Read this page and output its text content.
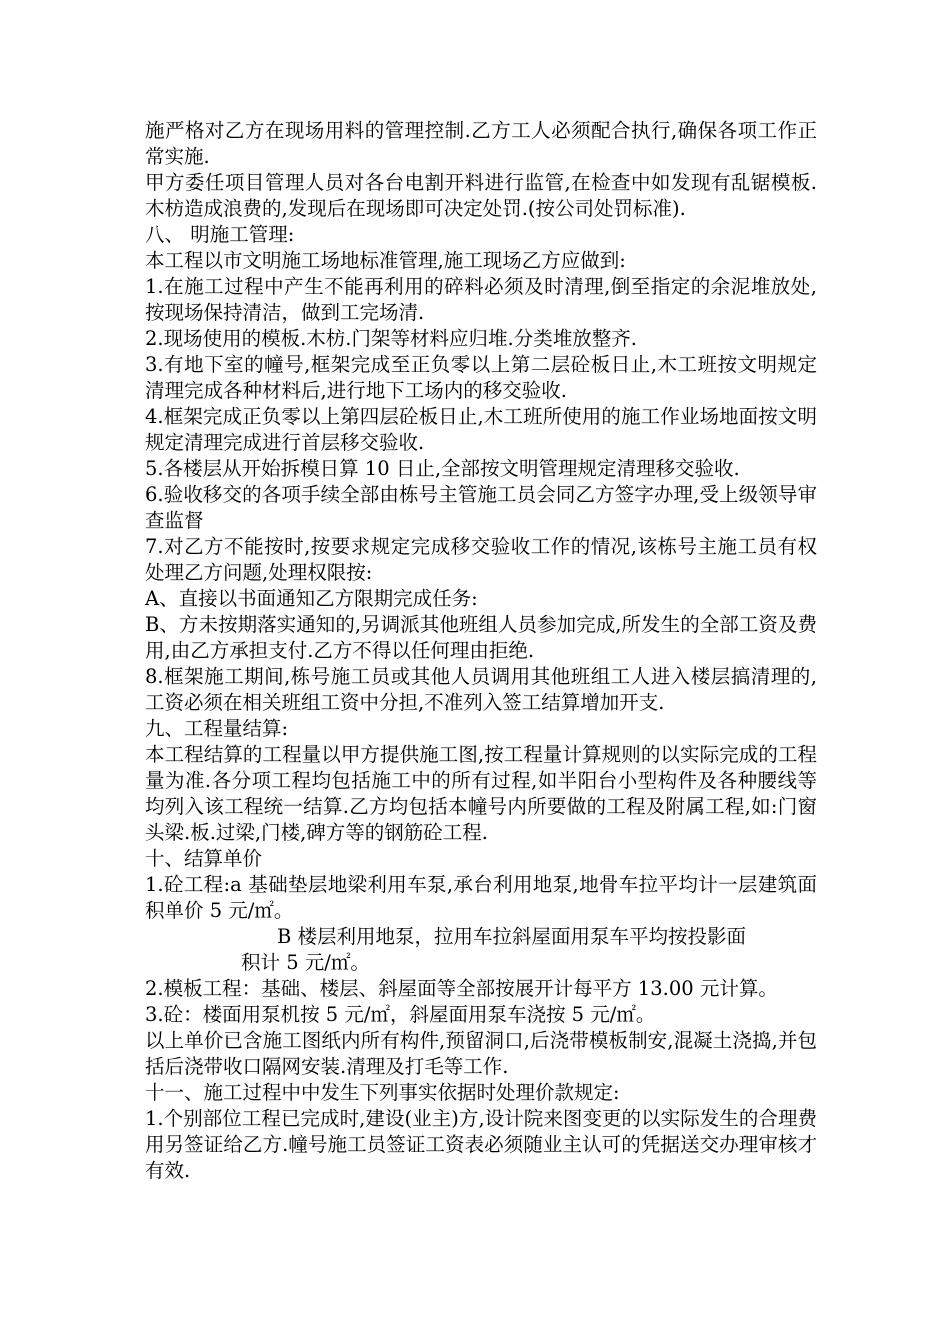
施严格对乙方在现场用料的管理控制.乙方工人必须配合执行,确保各项工作正常实施.

甲方委任项目管理人员对各台电割开料进行监管,在检查中如发现有乱锯模板.木枋造成浪费的,发现后在现场即可决定处罚.(按公司处罚标准).

八、 明施工管理:

本工程以市文明施工场地标准管理,施工现场乙方应做到:

1.在施工过程中产生不能再利用的碎料必须及时清理,倒至指定的余泥堆放处,按现场保持清洁，做到工完场清.

2.现场使用的模板.木枋.门架等材料应归堆.分类堆放整齐.

3.有地下室的幢号,框架完成至正负零以上第二层砼板日止,木工班按文明规定清理完成各种材料后,进行地下工场内的移交验收.

4.框架完成正负零以上第四层砼板日止,木工班所使用的施工作业场地面按文明规定清理完成进行首层移交验收.

5.各楼层从开始拆模日算 10 日止,全部按文明管理规定清理移交验收.

6.验收移交的各项手续全部由栋号主管施工员会同乙方签字办理,受上级领导审查监督

7.对乙方不能按时,按要求规定完成移交验收工作的情况,该栋号主施工员有权处理乙方问题,处理权限按:

A、直接以书面通知乙方限期完成任务:

B、方未按期落实通知的,另调派其他班组人员参加完成,所发生的全部工资及费用,由乙方承担支付.乙方不得以任何理由拒绝.

8.框架施工期间,栋号施工员或其他人员调用其他班组工人进入楼层搞清理的,工资必须在相关班组工资中分担,不准列入签工结算增加开支.

九、工程量结算:

本工程结算的工程量以甲方提供施工图,按工程量计算规则的以实际完成的工程量为准.各分项工程均包括施工中的所有过程,如半阳台小型构件及各种腰线等均列入该工程统一结算.乙方均包括本幢号内所要做的工程及附属工程,如:门窗头梁.板.过梁,门楼,碑方等的钢筋砼工程.

十、结算单价

1.砼工程:a 基础垫层地梁利用车泵,承台利用地泵,地骨车拉平均计一层建筑面积单价 5 元/㎡。

B 楼层利用地泵，拉用车拉斜屋面用泵车平均按投影面
积计 5 元/㎡。

2.模板工程：基础、楼层、斜屋面等全部按展开计每平方 13.00 元计算。

3.砼：楼面用泵机按 5 元/㎡，斜屋面用泵车浇按 5 元/㎡。

以上单价已含施工图纸内所有构件,预留洞口,后浇带模板制安,混凝土浇捣,并包括后浇带收口隔网安装.清理及打毛等工作.

十一、施工过程中中发生下列事实依据时处理价款规定:

1.个别部位工程已完成时,建设(业主)方,设计院来图变更的以实际发生的合理费用另签证给乙方.幢号施工员签证工资表必须随业主认可的凭据送交办理审核才有效.
